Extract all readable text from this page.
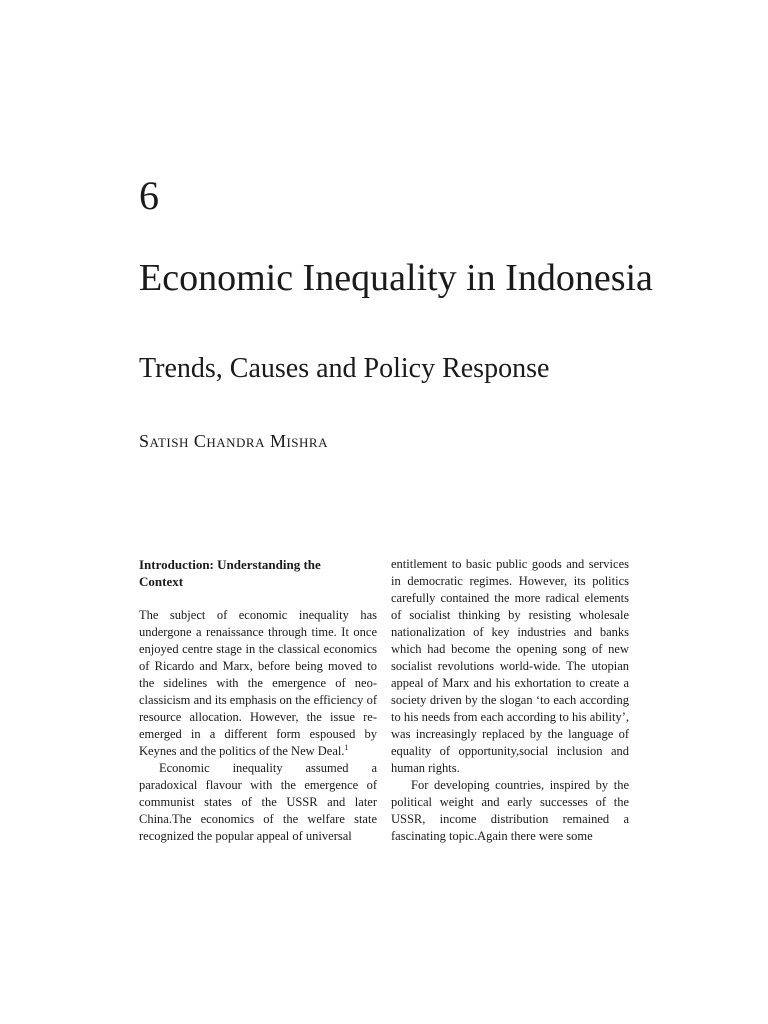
6
Economic Inequality in Indonesia
Trends, Causes and Policy Response
Satish Chandra Mishra
Introduction: Understanding the Context

The subject of economic inequality has undergone a renaissance through time. It once enjoyed centre stage in the classical economics of Ricardo and Marx, before being moved to the sidelines with the emergence of neo-classicism and its emphasis on the efficiency of resource allocation. However, the issue re-emerged in a different form espoused by Keynes and the politics of the New Deal.$^1$

Economic inequality assumed a paradoxical flavour with the emergence of communist states of the USSR and later China.The economics of the welfare state recognized the popular appeal of universal

entitlement to basic public goods and services in democratic regimes. However, its politics carefully contained the more radical elements of socialist thinking by resisting wholesale nationalization of key industries and banks which had become the opening song of new socialist revolutions world-wide. The utopian appeal of Marx and his exhortation to create a society driven by the slogan ‘to each according to his needs from each according to his ability’, was increasingly replaced by the language of equality of opportunity,social inclusion and human rights.

For developing countries, inspired by the political weight and early successes of the USSR, income distribution remained a fascinating topic.Again there were some
